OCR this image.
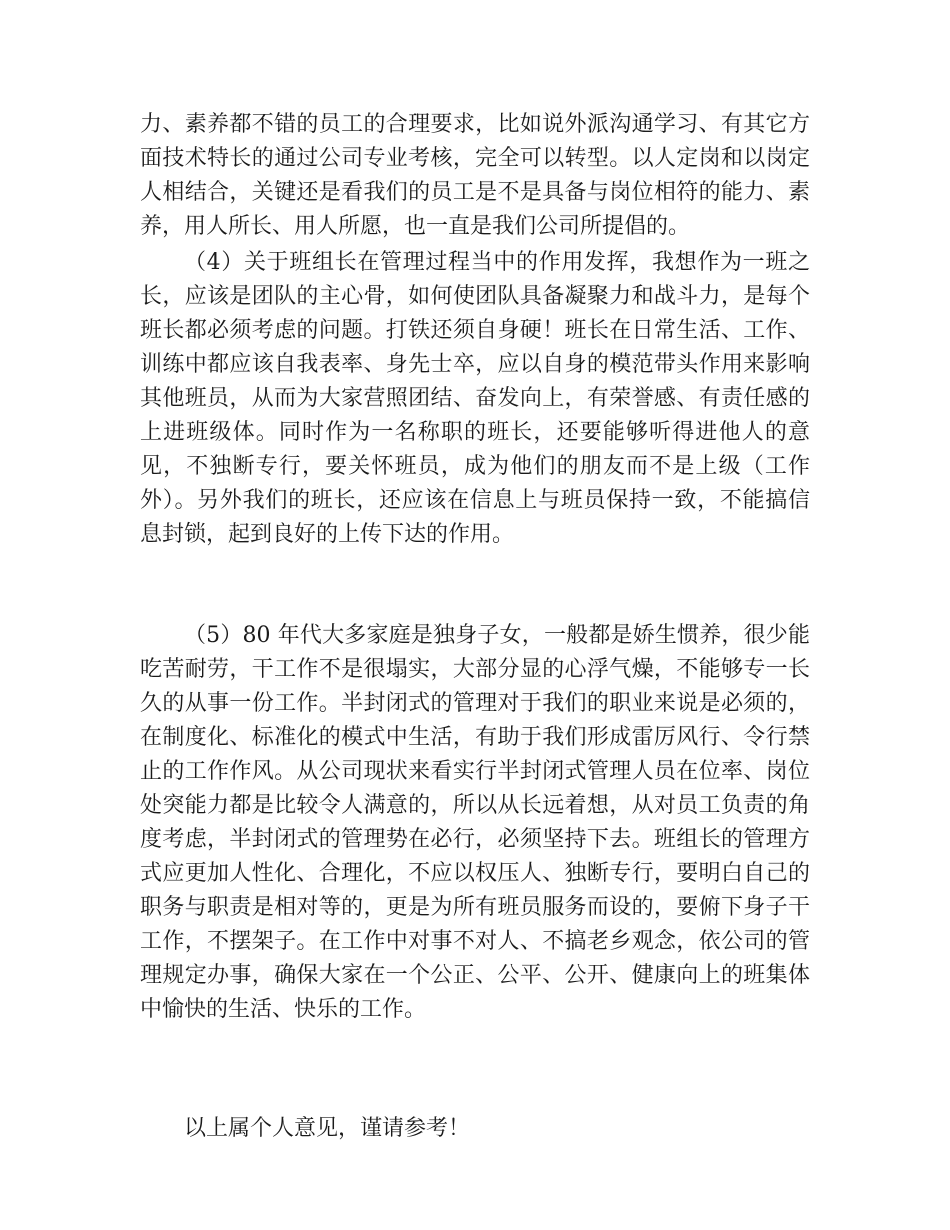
力、素养都不错的员工的合理要求，比如说外派沟通学习、有其它方
面技术特长的通过公司专业考核，完全可以转型。以人定岗和以岗定
人相结合，关键还是看我们的员工是不是具备与岗位相符的能力、素
养，用人所长、用人所愿，也一直是我们公司所提倡的。
（4）关于班组长在管理过程当中的作用发挥，我想作为一班之
长，应该是团队的主心骨，如何使团队具备凝聚力和战斗力，是每个
班长都必须考虑的问题。打铁还须自身硬！班长在日常生活、工作、
训练中都应该自我表率、身先士卒，应以自身的模范带头作用来影响
其他班员，从而为大家营照团结、奋发向上，有荣誉感、有责任感的
上进班级体。同时作为一名称职的班长，还要能够听得进他人的意
见，不独断专行，要关怀班员，成为他们的朋友而不是上级（工作
外）。另外我们的班长，还应该在信息上与班员保持一致，不能搞信
息封锁，起到良好的上传下达的作用。
（5）80 年代大多家庭是独身子女，一般都是娇生惯养，很少能
吃苦耐劳，干工作不是很塌实，大部分显的心浮气燥，不能够专一长
久的从事一份工作。半封闭式的管理对于我们的职业来说是必须的，
在制度化、标准化的模式中生活，有助于我们形成雷厉风行、令行禁
止的工作作风。从公司现状来看实行半封闭式管理人员在位率、岗位
处突能力都是比较令人满意的，所以从长远着想，从对员工负责的角
度考虑，半封闭式的管理势在必行，必须坚持下去。班组长的管理方
式应更加人性化、合理化，不应以权压人、独断专行，要明白自己的
职务与职责是相对等的，更是为所有班员服务而设的，要俯下身子干
工作，不摆架子。在工作中对事不对人、不搞老乡观念，依公司的管
理规定办事，确保大家在一个公正、公平、公开、健康向上的班集体
中愉快的生活、快乐的工作。
以上属个人意见，谨请参考！
